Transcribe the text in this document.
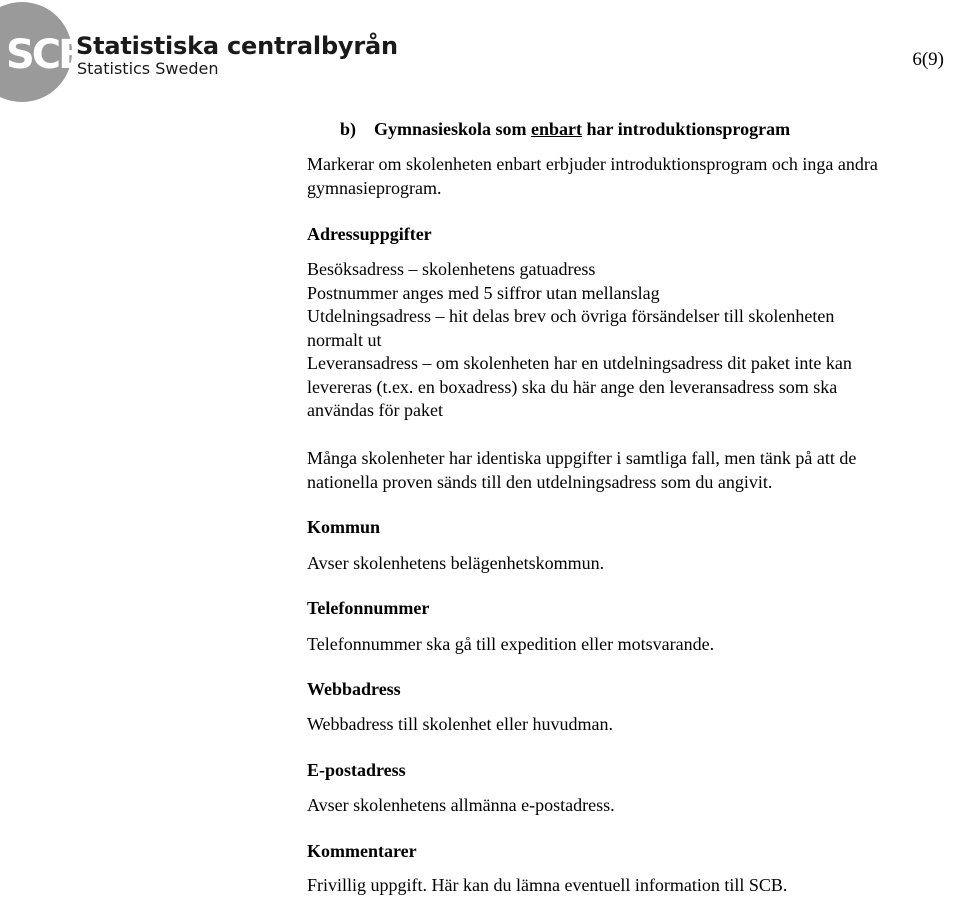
SCB
Statistiska centralbyrån
Statistics Sweden	6(9)
b) Gymnasieskola som enbart har introduktionsprogram
Markerar om skolenheten enbart erbjuder introduktionsprogram och inga andra
gymnasieprogram.
Adressuppgifter
Besöksadress – skolenhetens gatuadress
Postnummer anges med 5 siffror utan mellanslag
Utdelningsadress – hit delas brev och övriga försändelser till skolenheten
normalt ut
Leveransadress – om skolenheten har en utdelningsadress dit paket inte kan
levereras (t.ex. en boxadress) ska du här ange den leveransadress som ska
användas för paket
Många skolenheter har identiska uppgifter i samtliga fall, men tänk på att de
nationella proven sänds till den utdelningsadress som du angivit.
Kommun
Avser skolenhetens belägenhetskommun.
Telefonnummer
Telefonnummer ska gå till expedition eller motsvarande.
Webbadress
Webbadress till skolenhet eller huvudman.
E-postadress
Avser skolenhetens allmänna e-postadress.
Kommentarer
Frivillig uppgift. Här kan du lämna eventuell information till SCB.
